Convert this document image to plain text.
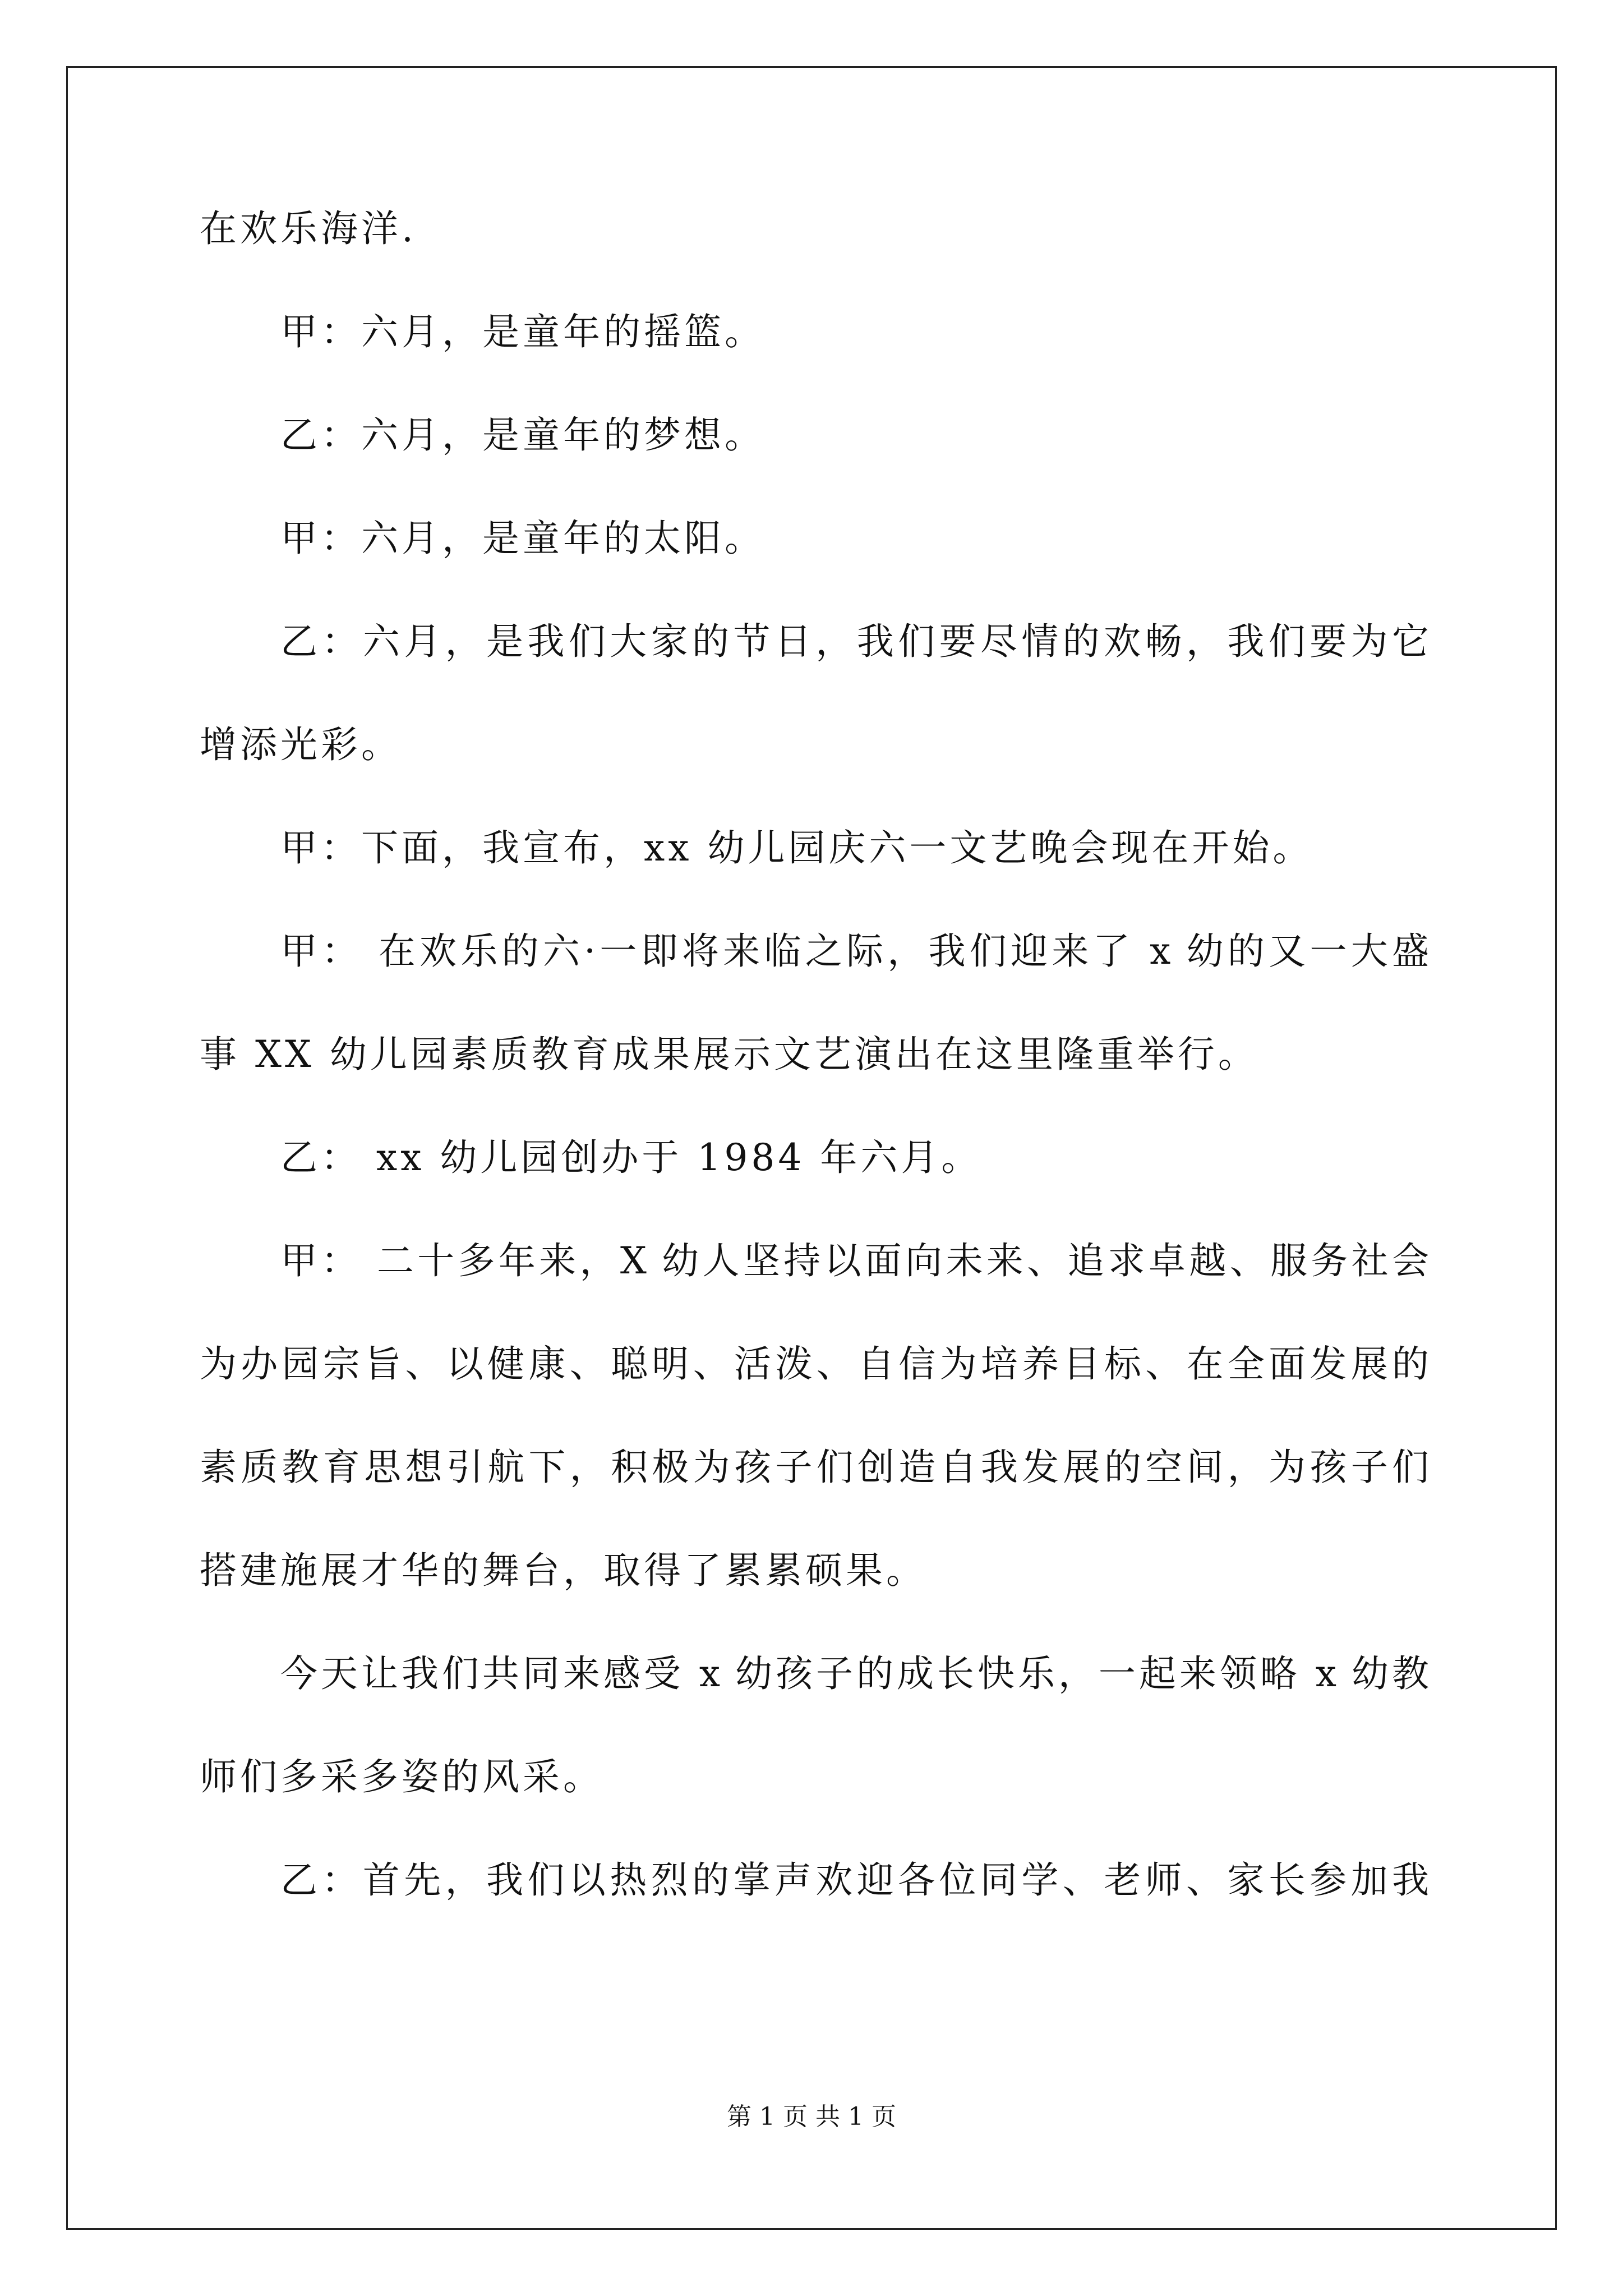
在欢乐海洋.
甲：六月，是童年的摇篮。
乙：六月，是童年的梦想。
甲：六月，是童年的太阳。
乙：六月，是我们大家的节日，我们要尽情的欢畅，我们要为它
增添光彩。
甲：下面，我宣布，xx 幼儿园庆六一文艺晚会现在开始。
甲： 在欢乐的六·一即将来临之际，我们迎来了 x 幼的又一大盛
事 XX 幼儿园素质教育成果展示文艺演出在这里隆重举行。
乙： xx 幼儿园创办于 1984 年六月。
甲： 二十多年来，X 幼人坚持以面向未来、追求卓越、服务社会
为办园宗旨、以健康、聪明、活泼、自信为培养目标、在全面发展的
素质教育思想引航下，积极为孩子们创造自我发展的空间，为孩子们
搭建施展才华的舞台，取得了累累硕果。
今天让我们共同来感受 x 幼孩子的成长快乐，一起来领略 x 幼教
师们多采多姿的风采。
乙：首先，我们以热烈的掌声欢迎各位同学、老师、家长参加我
第 1 页 共 1 页
